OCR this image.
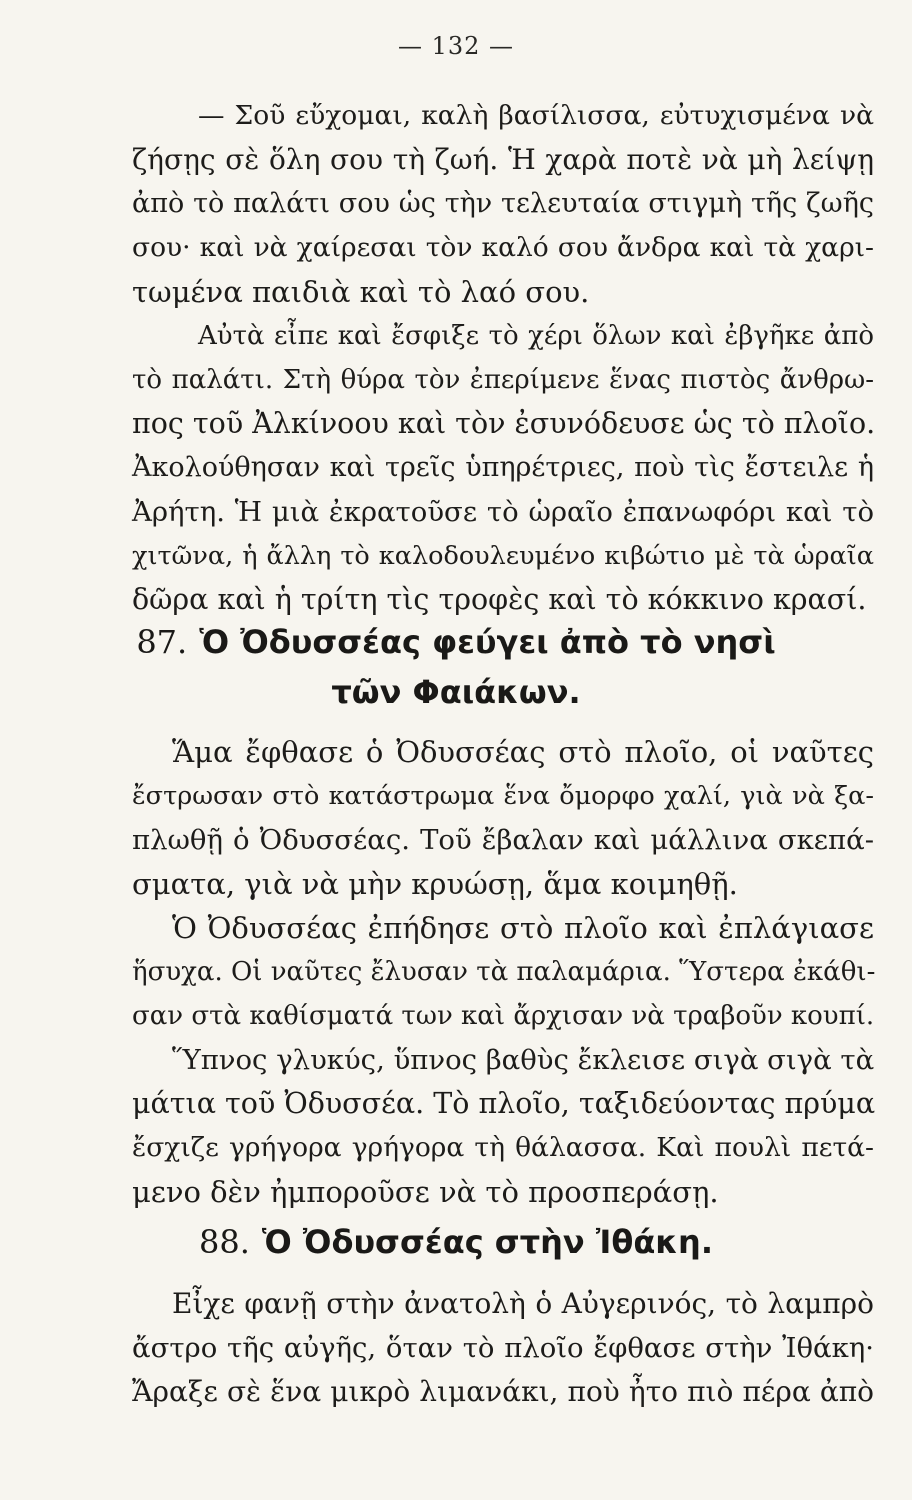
— 132 —
— Σοῦ εὔχομαι, καλὴ βασίλισσα, εὐτυχισμένα νὰ
ζήσῃς σὲ ὅλη σου τὴ ζωή. Ἡ χαρὰ ποτὲ νὰ μὴ λείψῃ
ἀπὸ τὸ παλάτι σου ὡς τὴν τελευταία στιγμὴ τῆς ζωῆς
σου· καὶ νὰ χαίρεσαι τὸν καλό σου ἄνδρα καὶ τὰ χαρι-
τωμένα παιδιὰ καὶ τὸ λαό σου.
Αὐτὰ εἶπε καὶ ἔσφιξε τὸ χέρι ὅλων καὶ ἐβγῆκε ἀπὸ
τὸ παλάτι. Στὴ θύρα τὸν ἐπερίμενε ἕνας πιστὸς ἄνθρω-
πος τοῦ Ἀλκίνοου καὶ τὸν ἐσυνόδευσε ὡς τὸ πλοῖο.
Ἀκολούθησαν καὶ τρεῖς ὑπηρέτριες, ποὺ τὶς ἔστειλε ἡ
Ἀρήτη. Ἡ μιὰ ἐκρατοῦσε τὸ ὡραῖο ἐπανωφόρι καὶ τὸ
χιτῶνα, ἡ ἄλλη τὸ καλοδουλευμένο κιβώτιο μὲ τὰ ὡραῖα
δῶρα καὶ ἡ τρίτη τὶς τροφὲς καὶ τὸ κόκκινο κρασί.
87. Ὁ Ὀδυσσέας φεύγει ἀπὸ τὸ νησὶ
τῶν Φαιάκων.
Ἅμα ἔφθασε ὁ Ὀδυσσέας στὸ πλοῖο, οἱ ναῦτες
ἔστρωσαν στὸ κατάστρωμα ἕνα ὄμορφο χαλί, γιὰ νὰ ξα-
πλωθῇ ὁ Ὀδυσσέας. Τοῦ ἔβαλαν καὶ μάλλινα σκεπά-
σματα, γιὰ νὰ μὴν κρυώσῃ, ἅμα κοιμηθῇ.
Ὁ Ὀδυσσέας ἐπήδησε στὸ πλοῖο καὶ ἐπλάγιασε
ἥσυχα. Οἱ ναῦτες ἔλυσαν τὰ παλαμάρια. Ὕστερα ἐκάθι-
σαν στὰ καθίσματά των καὶ ἄρχισαν νὰ τραβοῦν κουπί.
Ὕπνος γλυκύς, ὕπνος βαθὺς ἔκλεισε σιγὰ σιγὰ τὰ
μάτια τοῦ Ὀδυσσέα. Τὸ πλοῖο, ταξιδεύοντας πρύμα
ἔσχιζε γρήγορα γρήγορα τὴ θάλασσα. Καὶ πουλὶ πετά-
μενο δὲν ἠμποροῦσε νὰ τὸ προσπεράσῃ.
88. Ὁ Ὀδυσσέας στὴν Ἰθάκη.
Εἶχε φανῇ στὴν ἀνατολὴ ὁ Αὐγερινός, τὸ λαμπρὸ
ἄστρο τῆς αὐγῆς, ὅταν τὸ πλοῖο ἔφθασε στὴν Ἰθάκη·
Ἄραξε σὲ ἕνα μικρὸ λιμανάκι, ποὺ ἦτο πιὸ πέρα ἀπὸ
